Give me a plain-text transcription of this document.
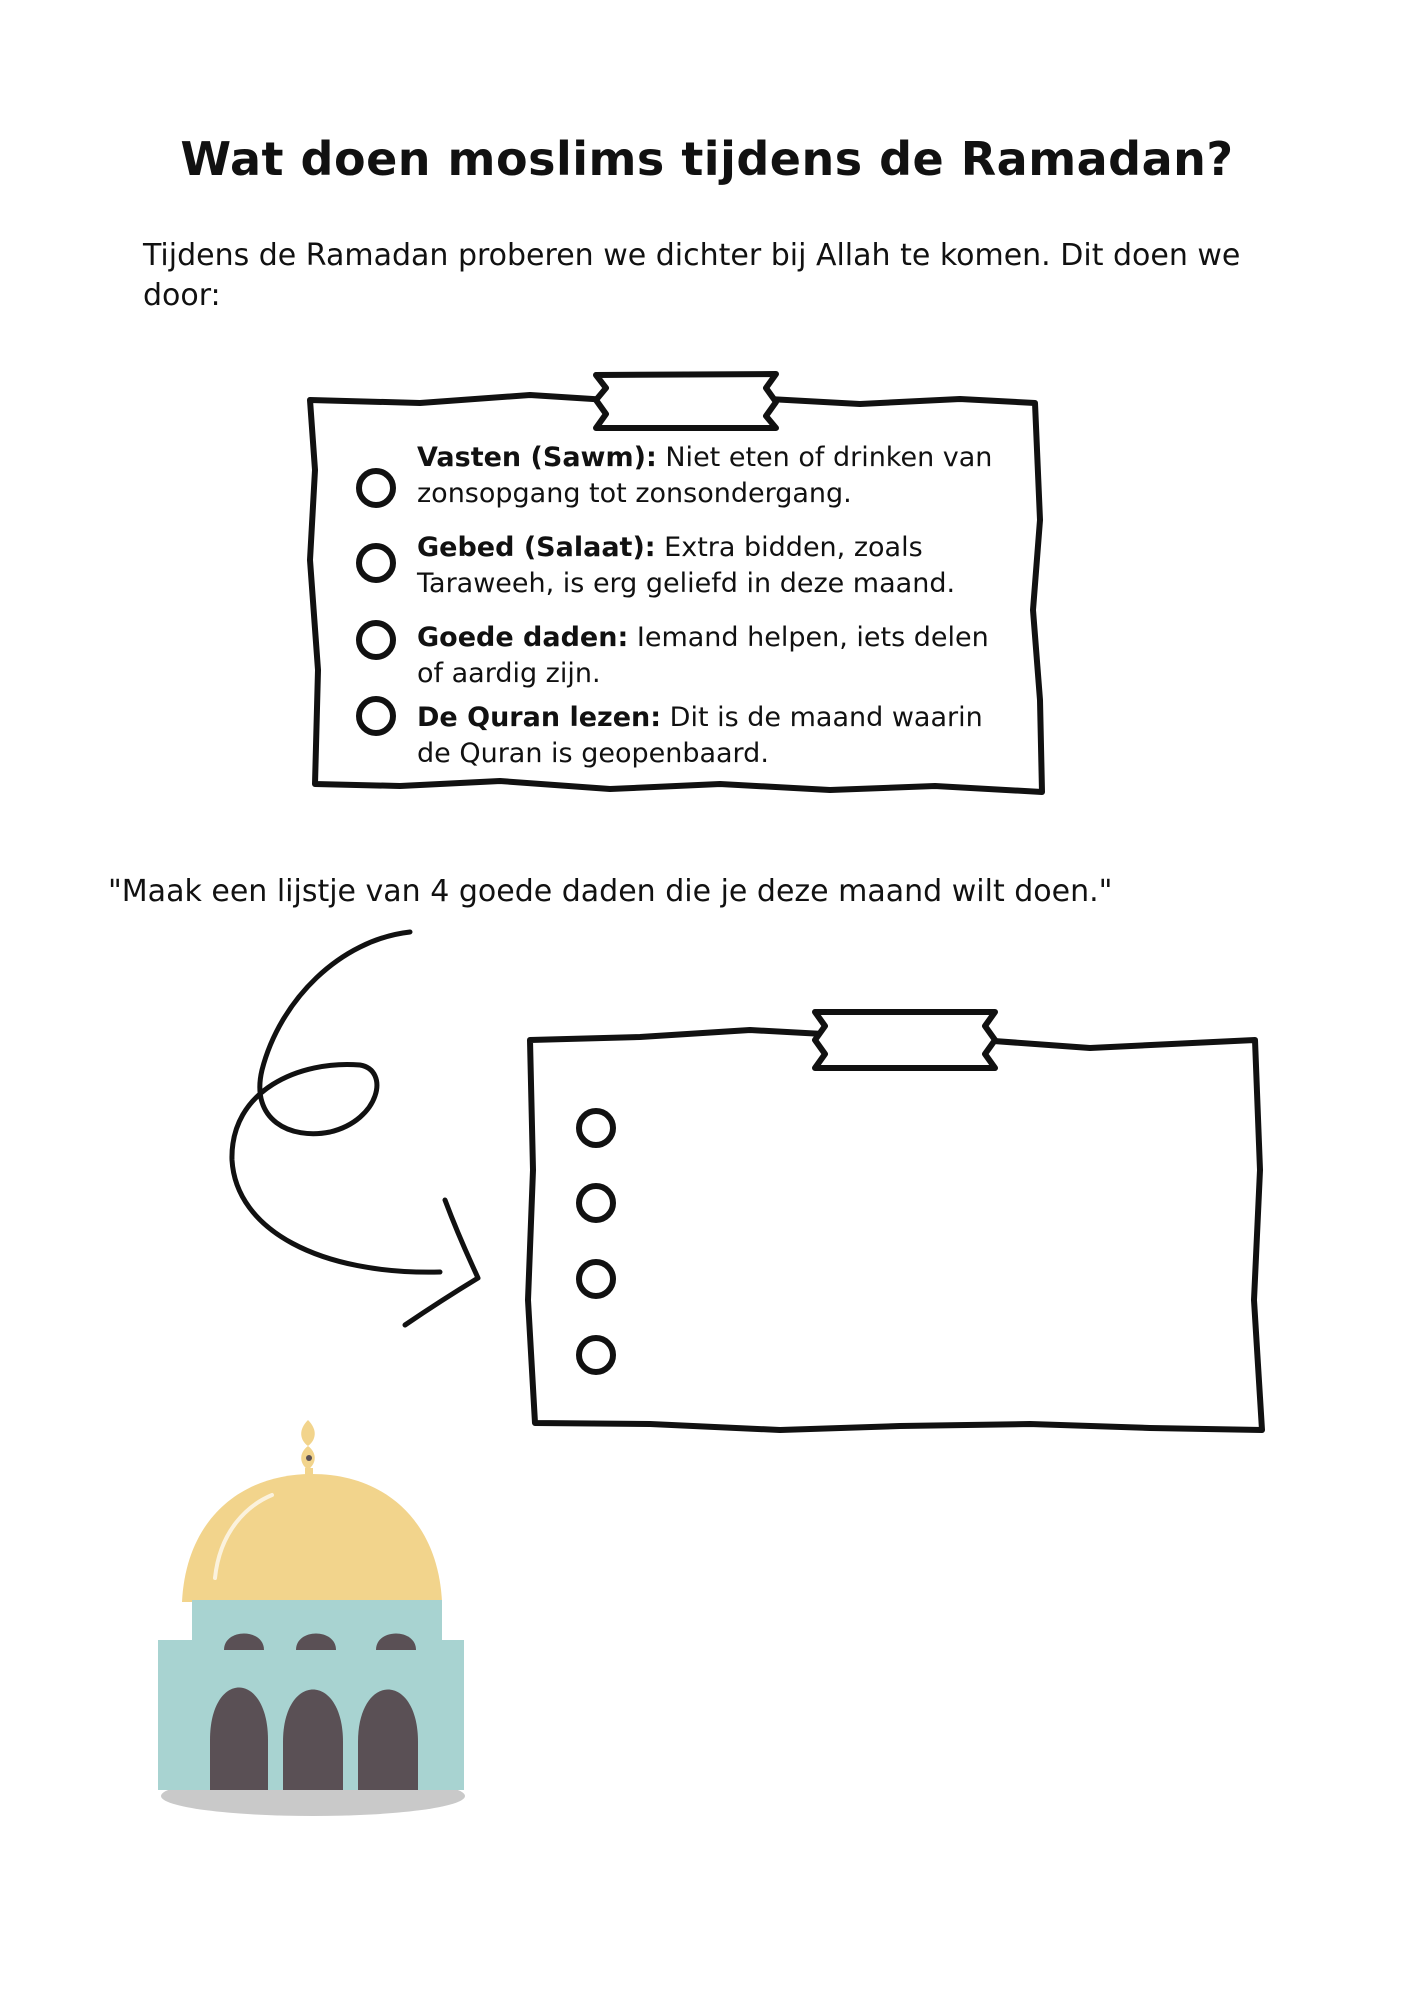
Wat doen moslims tijdens de Ramadan?

Tijdens de Ramadan proberen we dichter bij Allah te komen. Dit doen we door:

Vasten (Sawm): Niet eten of drinken van zonsopgang tot zonsondergang.

Gebed (Salaat): Extra bidden, zoals Taraweeh, is erg geliefd in deze maand.

Goede daden: Iemand helpen, iets delen of aardig zijn.

De Quran lezen: Dit is de maand waarin de Quran is geopenbaard.

"Maak een lijstje van 4 goede daden die je deze maand wilt doen."
